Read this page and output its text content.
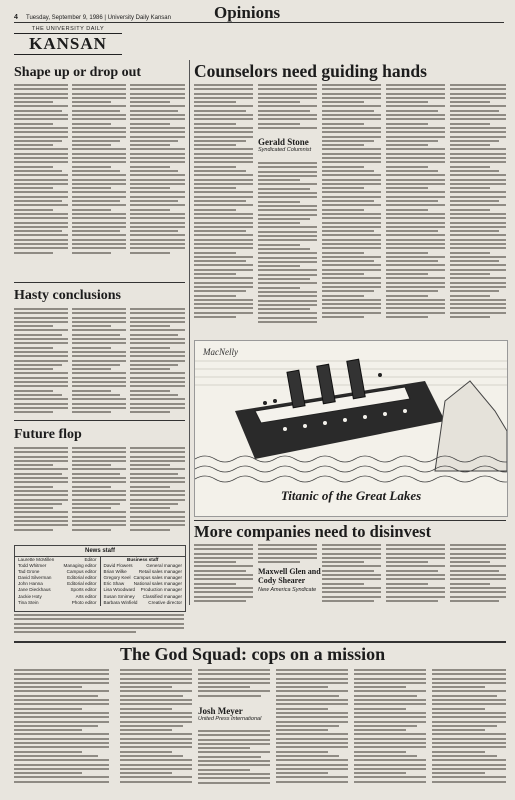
4 Tuesday, September 9, 1986 | University Daily Kansan	Opinions
THE UNIVERSITY DAILY
KANSAN
Shape up or drop out
Hasty conclusions
Future flop
Counselors need guiding hands
Gerald Stone
Syndicated Columnist
MacNelly
Titanic of the Great Lakes
More companies need to disinvest
Maxwell Glen and Cody Shearer
New America Syndicate
News staff
Laurette McMillen	Editor
Todd Whitmer	Managing editor
Tad Grone	Campus editor
David Silverman	Editorial editor
John Hanna	Editorial editor
Jane Dieckhaus	Sports editor
Jackie Hoty	Arts editor
Tina Stein	Photo editor
Business staff
David Flowers	General manager
Brian Wilke	Retail sales manager
Gregory Keel Campus sales manager
Eric Shaw National sales manager
Lisa Woodward Production manager
Susan Smirney Classified manager
Barbara Winfield Creative director
The God Squad: cops on a mission
Josh Meyer
United Press International
